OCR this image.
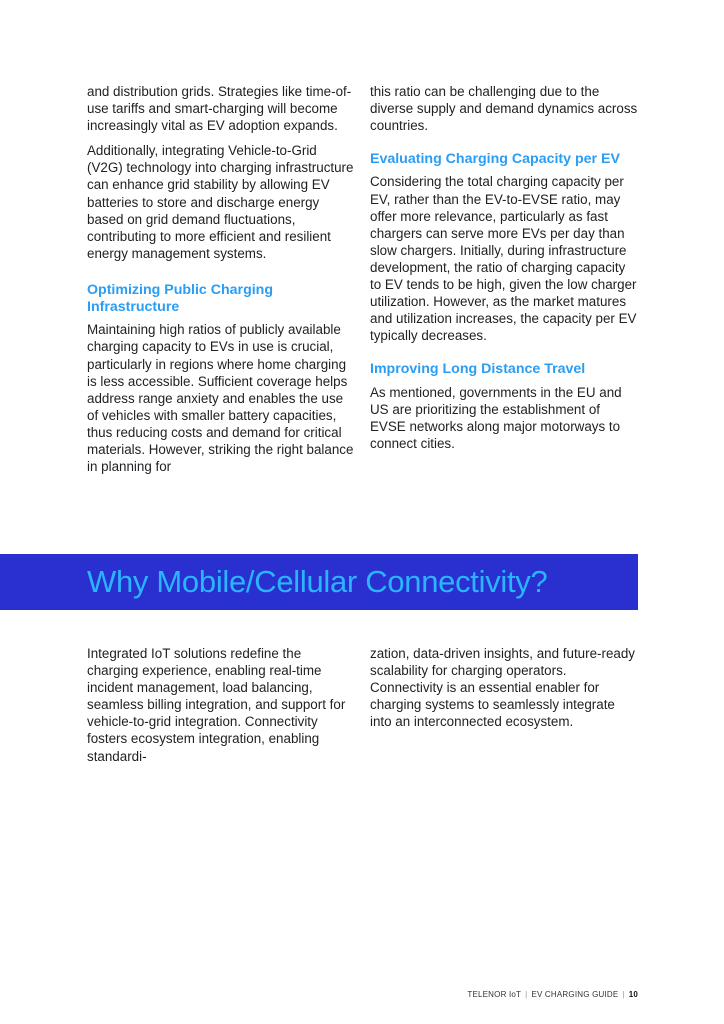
and distribution grids. Strategies like time-of-use tariffs and smart-charging will become increasingly vital as EV adoption expands.

Additionally, integrating Vehicle-to-Grid (V2G) technology into charging infrastructure can enhance grid stability by allowing EV batteries to store and discharge energy based on grid demand fluctuations, contributing to more efficient and resilient energy management systems.

Optimizing Public Charging Infrastructure

Maintaining high ratios of publicly available charging capacity to EVs in use is crucial, particularly in regions where home charging is less accessible. Sufficient coverage helps address range anxiety and enables the use of vehicles with smaller battery capacities, thus reducing costs and demand for critical materials. However, striking the right balance in planning for

this ratio can be challenging due to the diverse supply and demand dynamics across countries.

Evaluating Charging Capacity per EV

Considering the total charging capacity per EV, rather than the EV-to-EVSE ratio, may offer more relevance, particularly as fast chargers can serve more EVs per day than slow chargers. Initially, during infrastructure development, the ratio of charging capacity to EV tends to be high, given the low charger utilization. However, as the market matures and utilization increases, the capacity per EV typically decreases.

Improving Long Distance Travel

As mentioned, governments in the EU and US are prioritizing the establishment of EVSE networks along major motorways to connect cities.

Why Mobile/Cellular Connectivity?

Integrated IoT solutions redefine the charging experience, enabling real-time incident management, load balancing, seamless billing integration, and support for vehicle-to-grid integration. Connectivity fosters ecosystem integration, enabling standardi-

zation, data-driven insights, and future-ready scalability for charging operators. Connectivity is an essential enabler for charging systems to seamlessly integrate into an interconnected ecosystem.

TELENOR IoT | EV CHARGING GUIDE | 10
